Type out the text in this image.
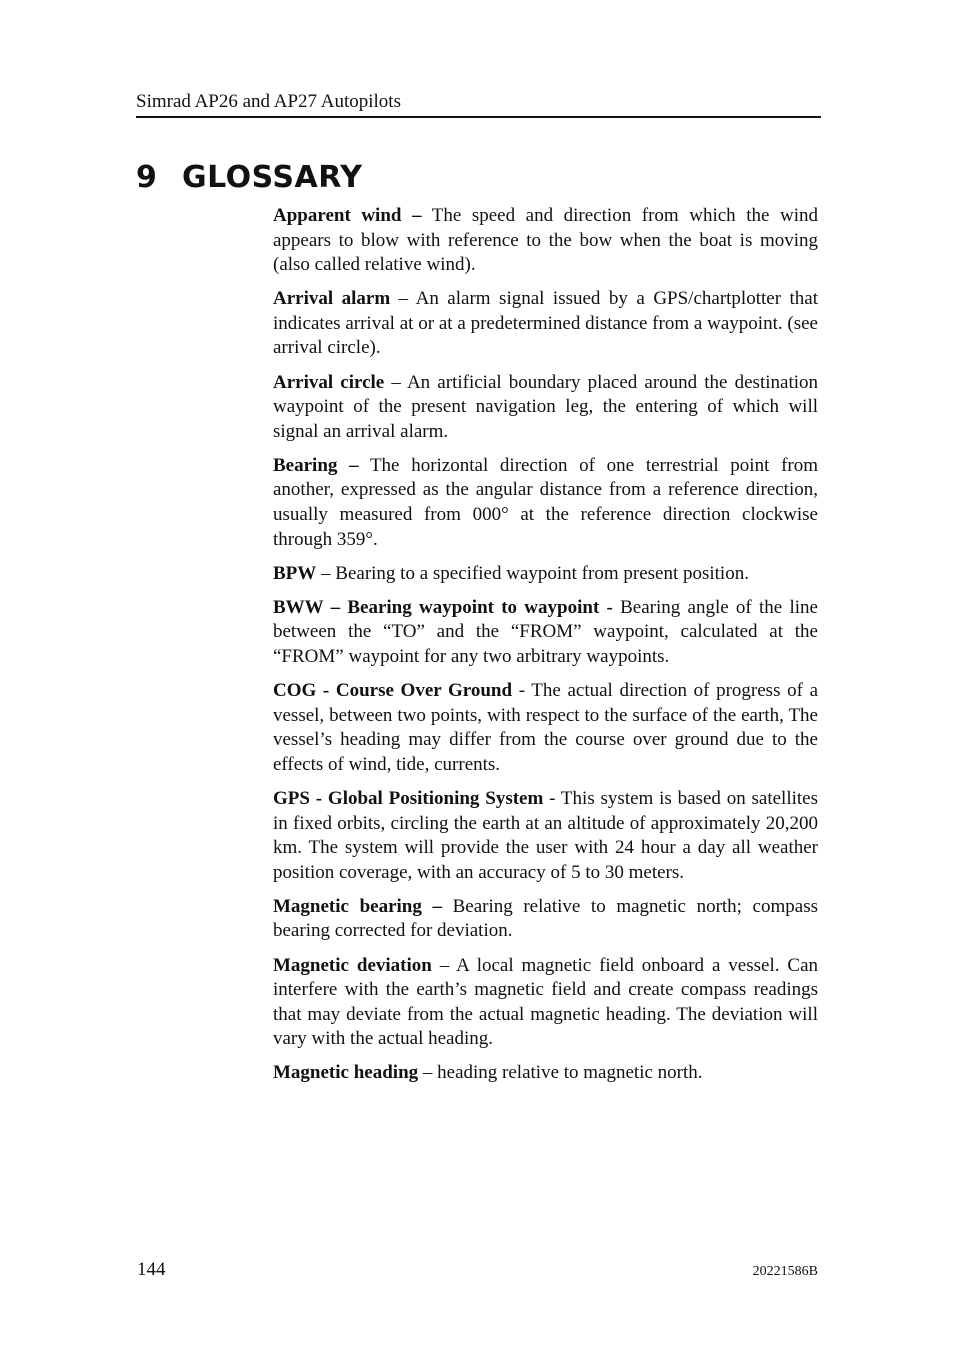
Simrad AP26 and AP27 Autopilots
9 GLOSSARY

Apparent wind – The speed and direction from which the wind appears to blow with reference to the bow when the boat is moving (also called relative wind).

Arrival alarm – An alarm signal issued by a GPS/chartplotter that indicates arrival at or at a predetermined distance from a waypoint. (see arrival circle).

Arrival circle – An artificial boundary placed around the destination waypoint of the present navigation leg, the entering of which will signal an arrival alarm.

Bearing – The horizontal direction of one terrestrial point from another, expressed as the angular distance from a reference direction, usually measured from 000° at the reference direction clockwise through 359°.

BPW – Bearing to a specified waypoint from present position.

BWW – Bearing waypoint to waypoint - Bearing angle of the line between the “TO” and the “FROM” waypoint, calculated at the “FROM” waypoint for any two arbitrary waypoints.

COG - Course Over Ground - The actual direction of progress of a vessel, between two points, with respect to the surface of the earth, The vessel’s heading may differ from the course over ground due to the effects of wind, tide, currents.

GPS - Global Positioning System - This system is based on satellites in fixed orbits, circling the earth at an altitude of approximately 20,200 km. The system will provide the user with 24 hour a day all weather position coverage, with an accuracy of 5 to 30 meters.

Magnetic bearing – Bearing relative to magnetic north; compass bearing corrected for deviation.

Magnetic deviation – A local magnetic field onboard a vessel. Can interfere with the earth’s magnetic field and create compass readings that may deviate from the actual magnetic heading. The deviation will vary with the actual heading.

Magnetic heading – heading relative to magnetic north.

144	20221586B
